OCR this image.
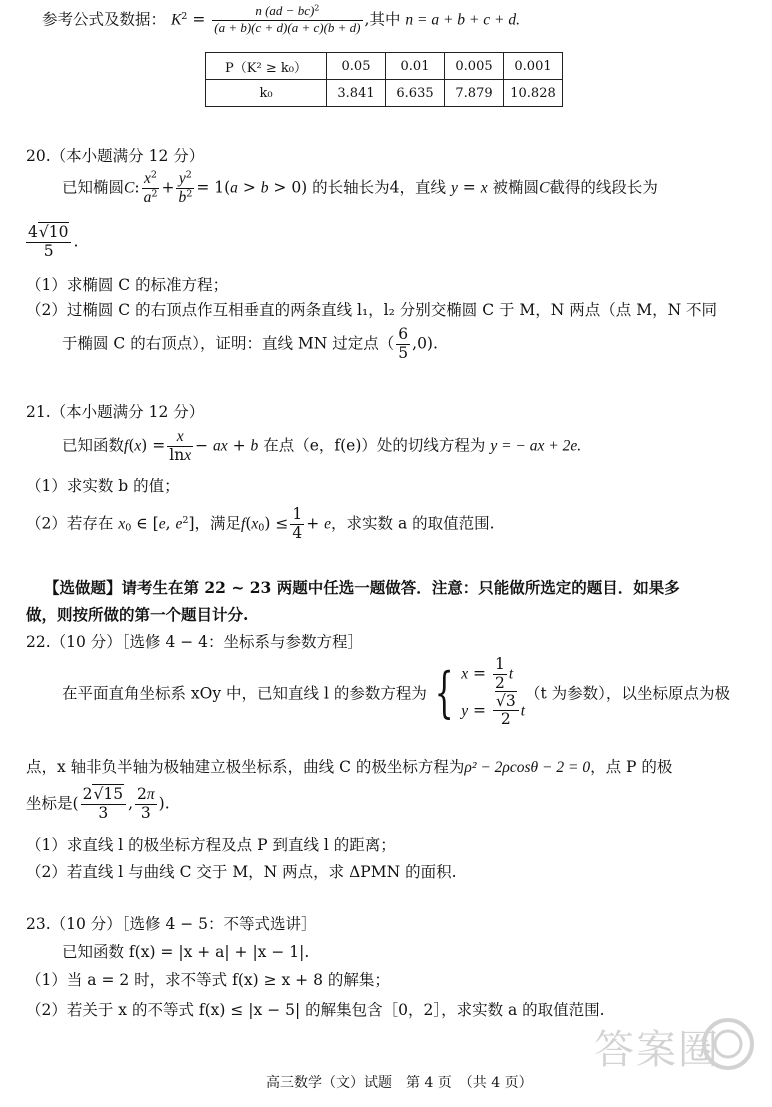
参考公式及数据： $K^2 = \frac{n (ad - bc)^2}{(a + b)(c + d)(a + c)(b + d)}$ ,其中 n = a + b + c + d.
P（K² ≥ k₀）	0.05	0.01	0.005	0.001
k₀	3.841	6.635	7.879	10.828
20.（本小题满分 12 分）
已知椭圆C: $\frac{x^2}{a^2} + \frac{y^2}{b^2} = 1(a > b > 0)$ 的长轴长为4，直线 y = x 被椭圆C截得的线段长为
$\frac{4√10}{5}$ .
（1）求椭圆 C 的标准方程；
（2）过椭圆 C 的右顶点作互相垂直的两条直线 l₁，l₂ 分别交椭圆 C 于 M，N 两点（点 M，N 不同
于椭圆 C 的右顶点），证明：直线 MN 过定点（ $\frac{6}{5} ,0$).
21.（本小题满分 12 分）
已知函数$f(x) = \frac{x}{\ln x}$ − ax + b 在点（e，f(e)）处的切线方程为 y = − ax + 2e.
（1）求实数 b 的值；
（2）若存在 $x_0$ ∈ [e, $e^2$]，满足$f(x_0) \le \frac{1}{4} + e$，求实数 a 的取值范围.
【选做题】请考生在第 22 ~ 23 两题中任选一题做答．注意：只能做所选定的题目．如果多
做，则按所做的第一个题目计分.
22.（10 分）［选修 4 − 4：坐标系与参数方程］
在平面直角坐标系 xOy 中，已知直线 l 的参数方程为 { $x = \frac{1}{2}$ t
$y = \frac{√3}{2}$ t
（t 为参数），以坐标原点为极
点，x 轴非负半轴为极轴建立极坐标系，曲线 C 的极坐标方程为ρ² − 2ρcosθ − 2 = 0，点 P 的极
坐标是( $\frac{2√15}{3}$ , $\frac{2\pi}{3}$ ).
（1）求直线 l 的极坐标方程及点 P 到直线 l 的距离；
（2）若直线 l 与曲线 C 交于 M，N 两点，求 ΔPMN 的面积.
23.（10 分）［选修 4 − 5：不等式选讲］
已知函数 f(x) = |x + a| + |x − 1|.
（1）当 a = 2 时，求不等式 f(x) ≥ x + 8 的解集；
（2）若关于 x 的不等式 f(x) ≤ |x − 5| 的解集包含［0，2］，求实数 a 的取值范围.
答案圈
高三数学（文）试题　第 4 页　（共 4 页）
